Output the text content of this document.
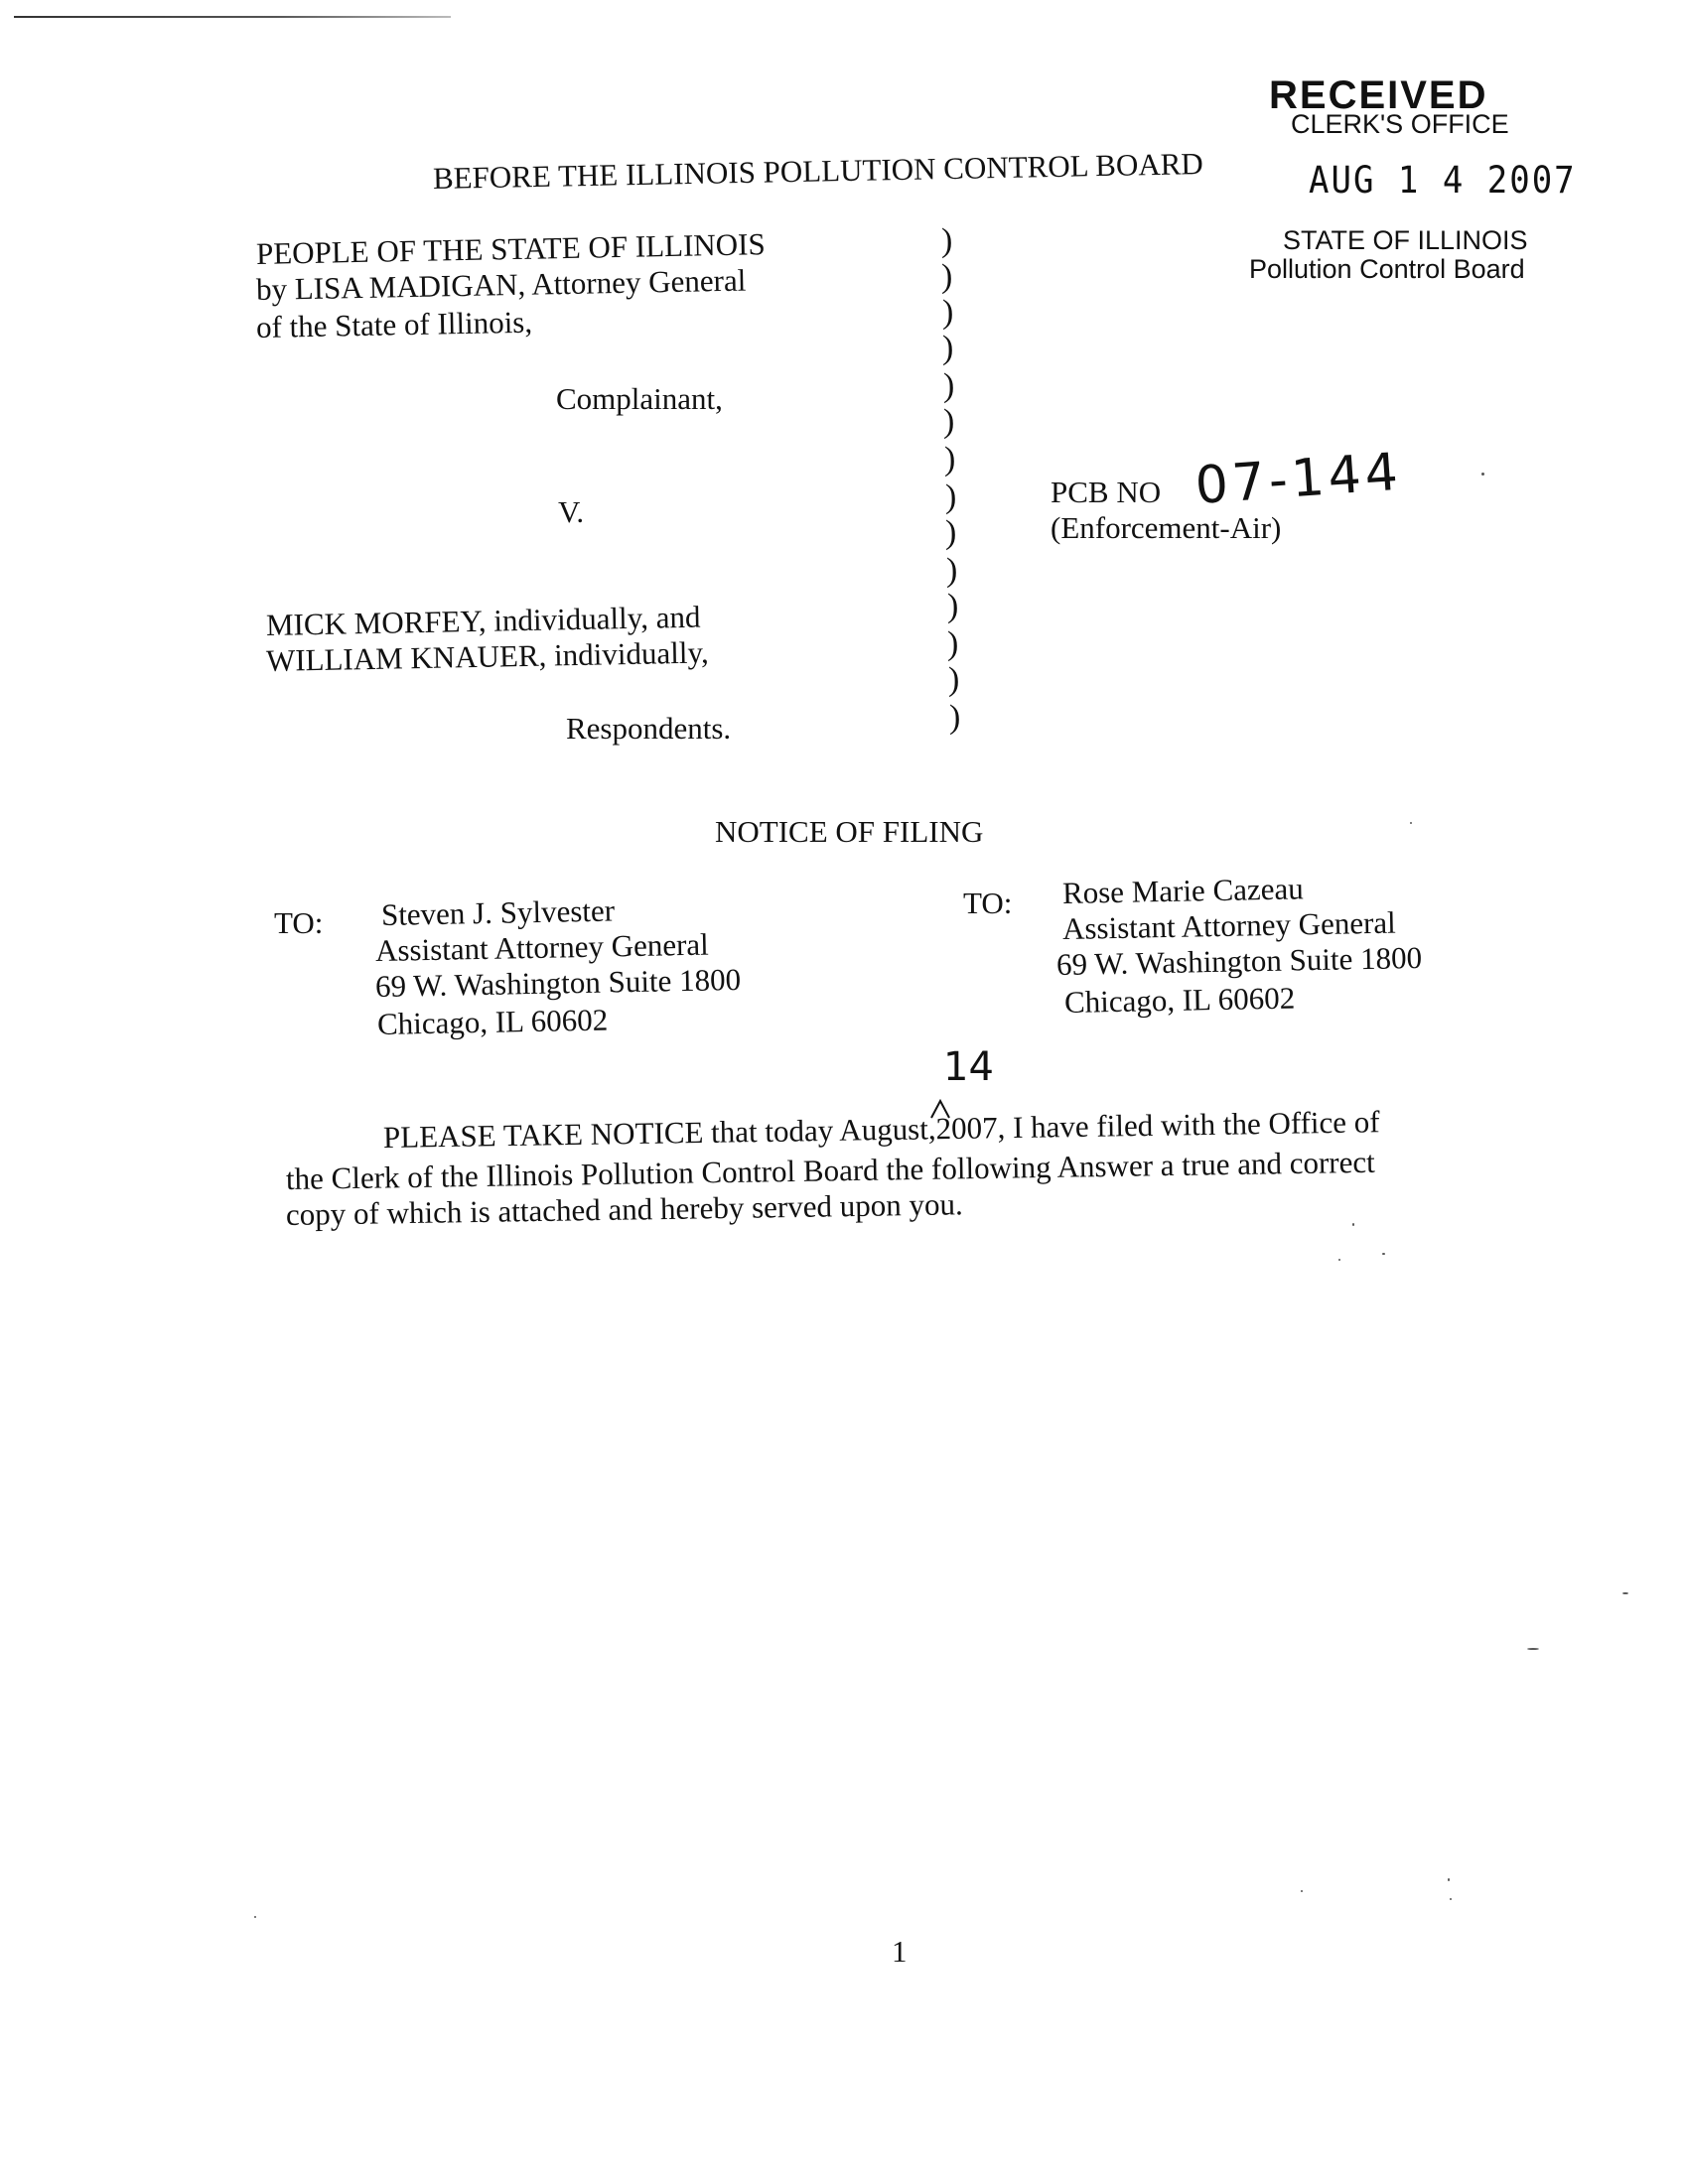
RECEIVED
CLERK'S OFFICE
AUG 1 4 2007
STATE OF ILLINOIS
Pollution Control Board
BEFORE THE ILLINOIS POLLUTION CONTROL BOARD
PEOPLE OF THE STATE OF ILLINOIS
by LISA MADIGAN, Attorney General
of the State of Illinois,
Complainant,
V.
MICK MORFEY, individually, and
WILLIAM KNAUER, individually,
Respondents.
)
)
)
)
)
)
)
)
)
)
)
)
)
)
PCB NO 07-144
(Enforcement-Air)
NOTICE OF FILING
TO: Steven J. Sylvester
Assistant Attorney General
69 W. Washington Suite 1800
Chicago, IL 60602
TO: Rose Marie Cazeau
Assistant Attorney General
69 W. Washington Suite 1800
Chicago, IL 60602
14
PLEASE TAKE NOTICE that today August,2007, I have filed with the Office of
the Clerk of the Illinois Pollution Control Board the following Answer a true and correct
copy of which is attached and hereby served upon you.
1
